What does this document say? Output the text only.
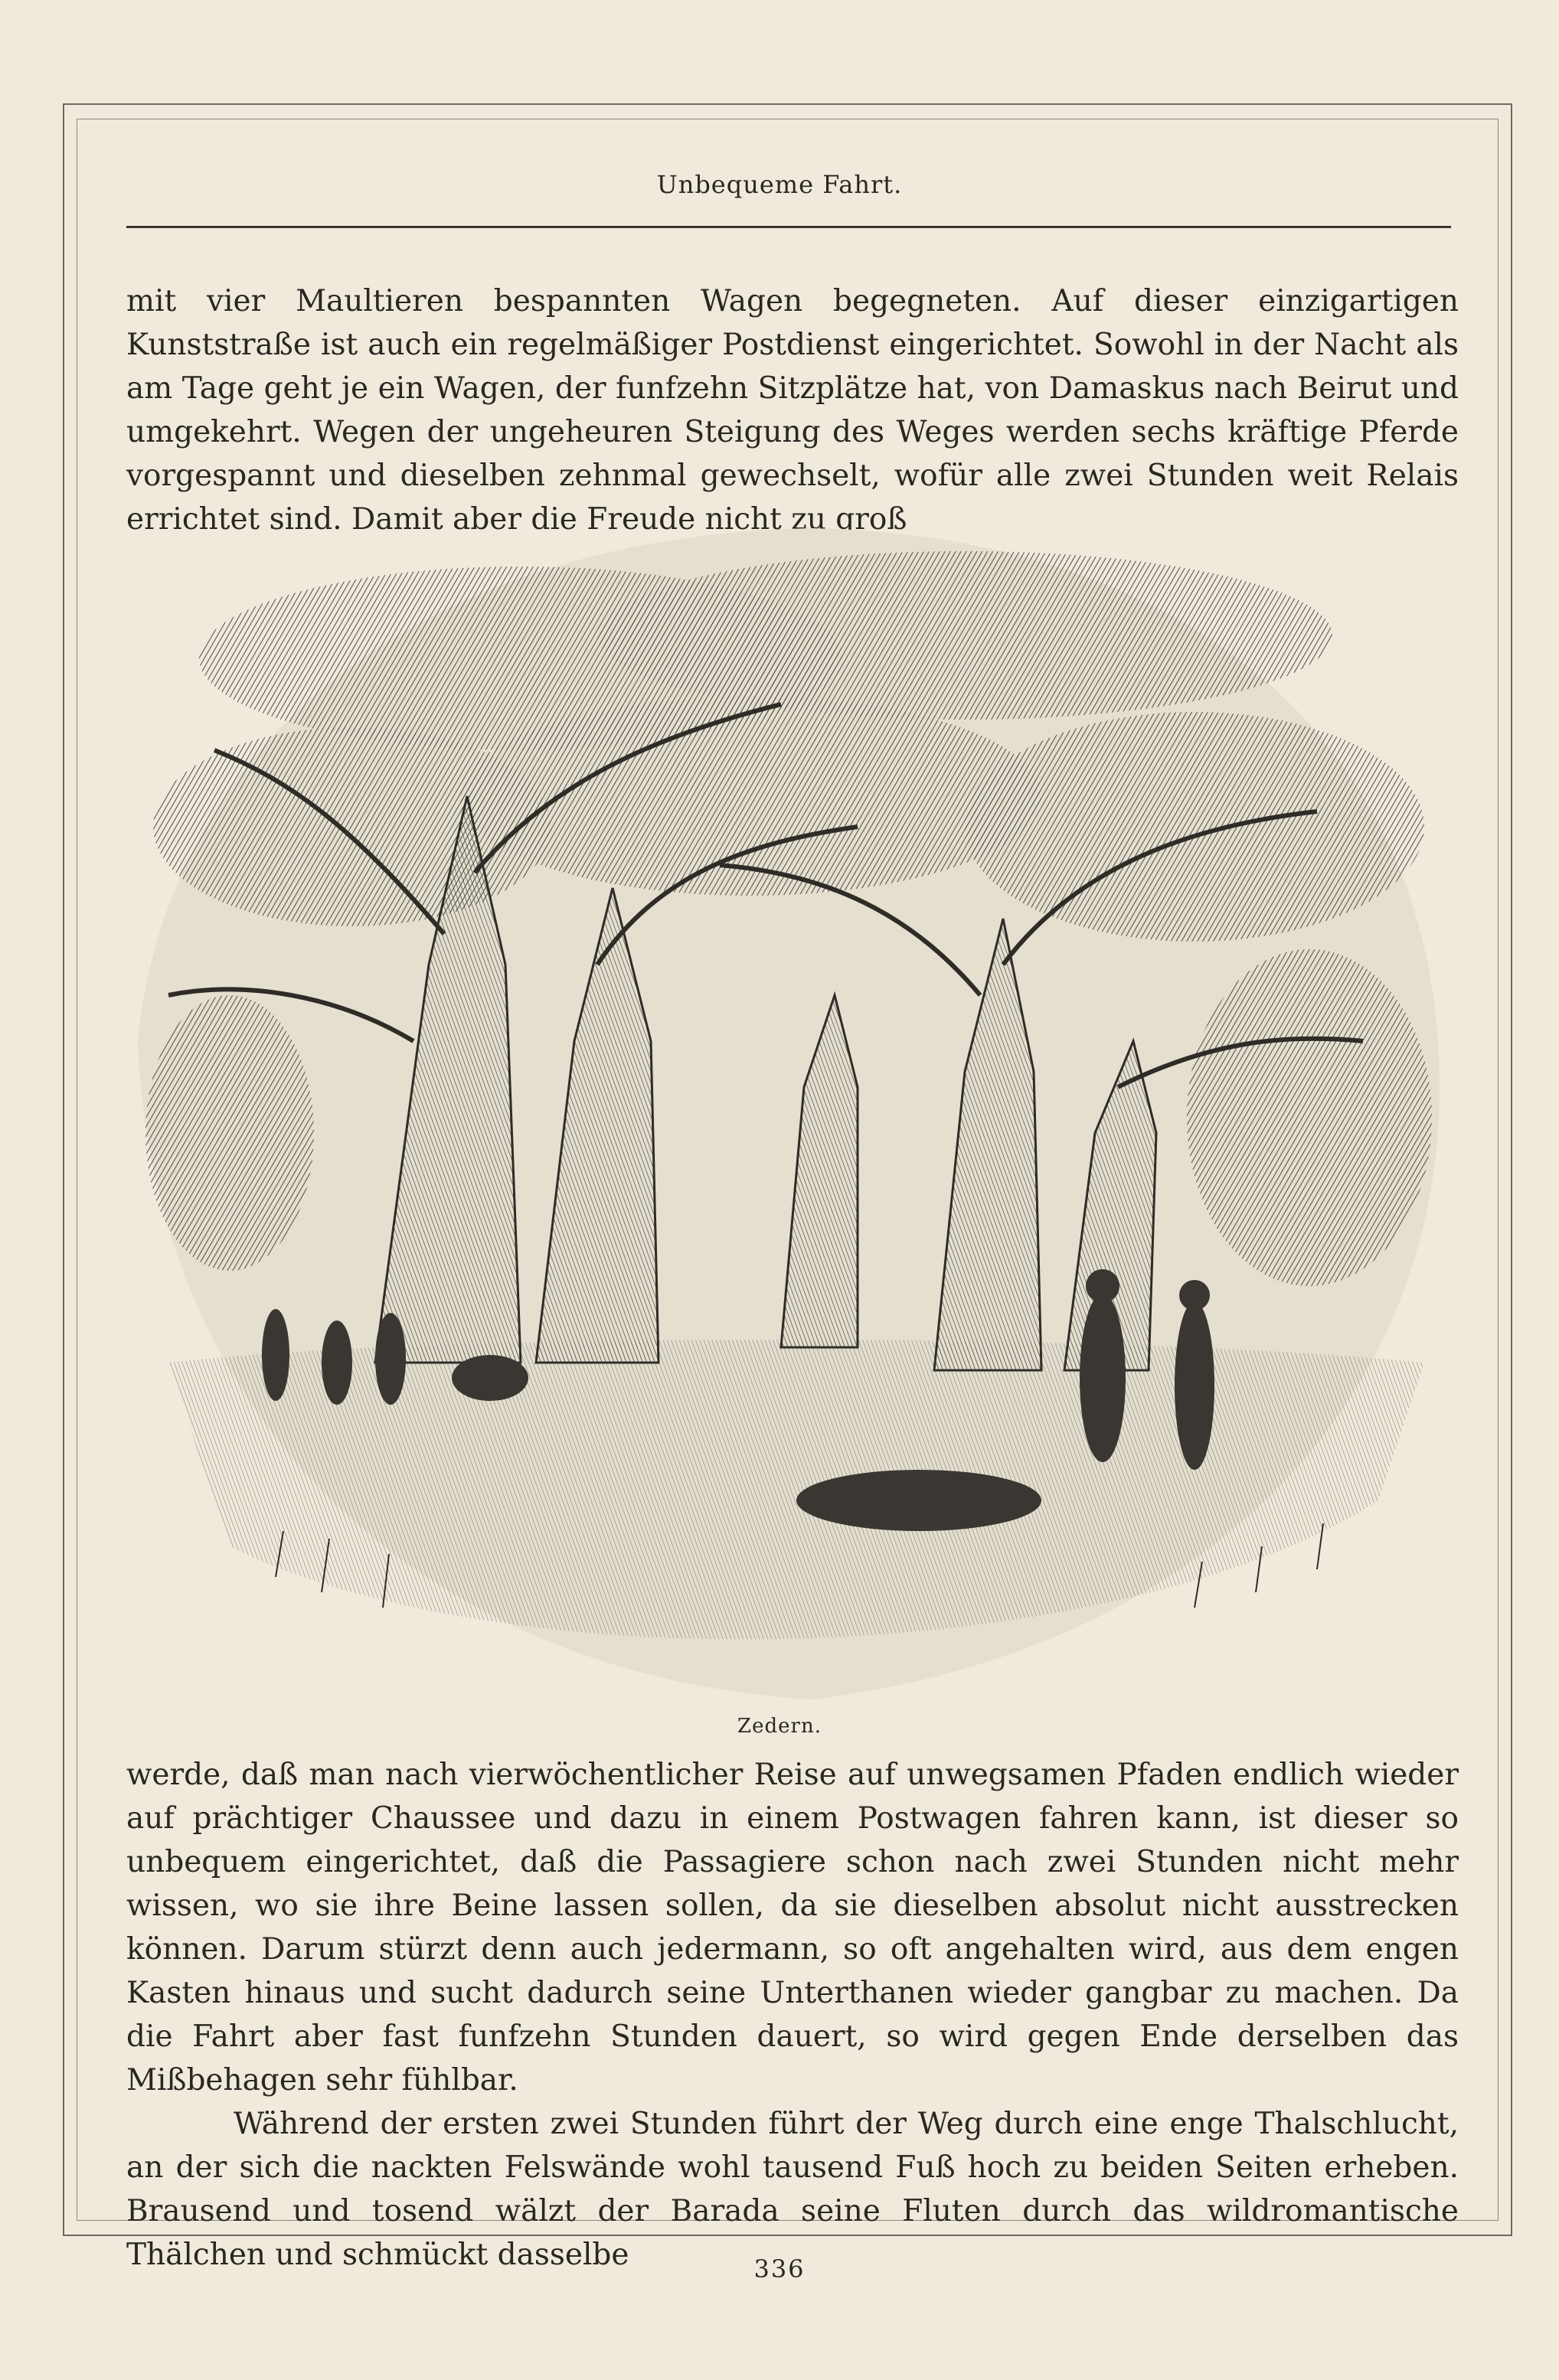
Unbequeme Fahrt.

mit vier Maultieren bespannten Wagen begegneten. Auf dieser einzigartigen Kunststraße ist auch ein regelmäßiger Postdienst eingerichtet. Sowohl in der Nacht als am Tage geht je ein Wagen, der funfzehn Sitzplätze hat, von Damaskus nach Beirut und umgekehrt. Wegen der ungeheuren Steigung des Weges werden sechs kräftige Pferde vorgespannt und dieselben zehnmal gewechselt, wofür alle zwei Stunden weit Relais errichtet sind. Damit aber die Freude nicht zu groß

Zedern.

werde, daß man nach vierwöchentlicher Reise auf unwegsamen Pfaden endlich wieder auf prächtiger Chaussee und dazu in einem Postwagen fahren kann, ist dieser so unbequem eingerichtet, daß die Passagiere schon nach zwei Stunden nicht mehr wissen, wo sie ihre Beine lassen sollen, da sie dieselben absolut nicht ausstrecken können. Darum stürzt denn auch jedermann, so oft angehalten wird, aus dem engen Kasten hinaus und sucht dadurch seine Unterthanen wieder gangbar zu machen. Da die Fahrt aber fast funfzehn Stunden dauert, so wird gegen Ende derselben das Mißbehagen sehr fühlbar.

Während der ersten zwei Stunden führt der Weg durch eine enge Thalschlucht, an der sich die nackten Felswände wohl tausend Fuß hoch zu beiden Seiten erheben. Brausend und tosend wälzt der Barada seine Fluten durch das wildromantische Thälchen und schmückt dasselbe	336
